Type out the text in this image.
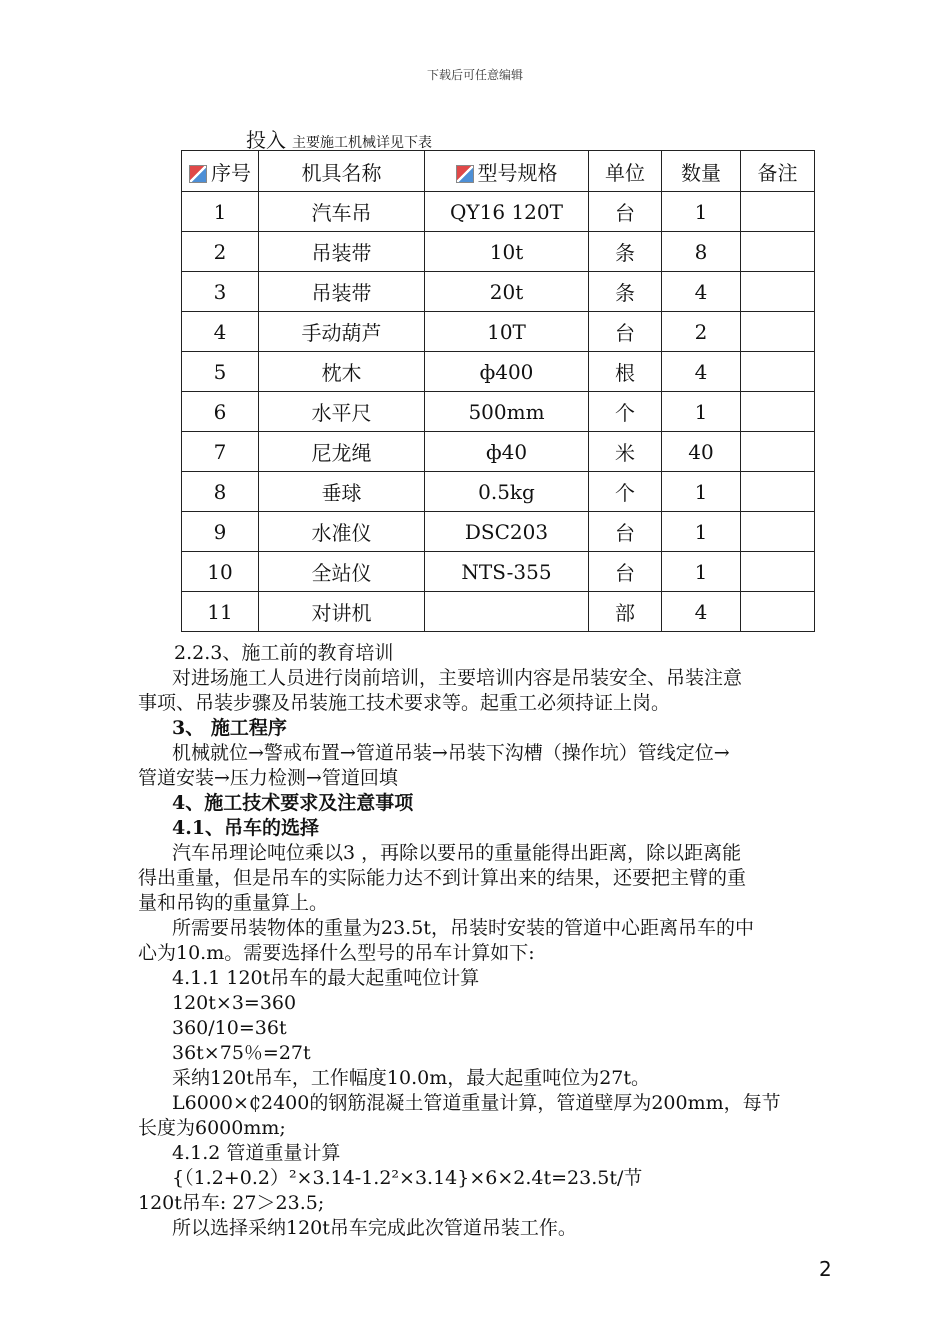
下载后可任意编辑
投入 主要施工机械详见下表
序号	机具名称	型号规格	单位	数量	备注
1	汽车吊	QY16 120T	台	1	
2	吊装带	10t	条	8	
3	吊装带	20t	条	4	
4	手动葫芦	10T	台	2	
5	枕木	ф400	根	4	
6	水平尺	500mm	个	1	
7	尼龙绳	ф40	米	40	
8	垂球	0.5kg	个	1	
9	水准仪	DSC203	台	1	
10	全站仪	NTS-355	台	1	
11	对讲机		部	4	
2.2.3、施工前的教育培训
对进场施工人员进行岗前培训，主要培训内容是吊装安全、吊装注意
事项、吊装步骤及吊装施工技术要求等。起重工必须持证上岗。
3、 施工程序
机械就位→警戒布置→管道吊装→吊装下沟槽（操作坑）管线定位→
管道安装→压力检测→管道回填
4、施工技术要求及注意事项
4.1、吊车的选择
汽车吊理论吨位乘以3 ，再除以要吊的重量能得出距离，除以距离能
得出重量，但是吊车的实际能力达不到计算出来的结果，还要把主臂的重
量和吊钩的重量算上。
所需要吊装物体的重量为23.5t，吊装时安装的管道中心距离吊车的中
心为10.m。需要选择什么型号的吊车计算如下:
4.1.1 120t吊车的最大起重吨位计算
120t×3=360
360/10=36t
36t×75％=27t
采纳120t吊车，工作幅度10.0m，最大起重吨位为27t。
L6000×₵2400的钢筋混凝土管道重量计算，管道壁厚为200mm，每节
长度为6000mm;
4.1.2 管道重量计算
{（1.2+0.2）²×3.14-1.2²×3.14}×6×2.4t=23.5t/节
120t吊车: 27＞23.5;
所以选择采纳120t吊车完成此次管道吊装工作。
2
